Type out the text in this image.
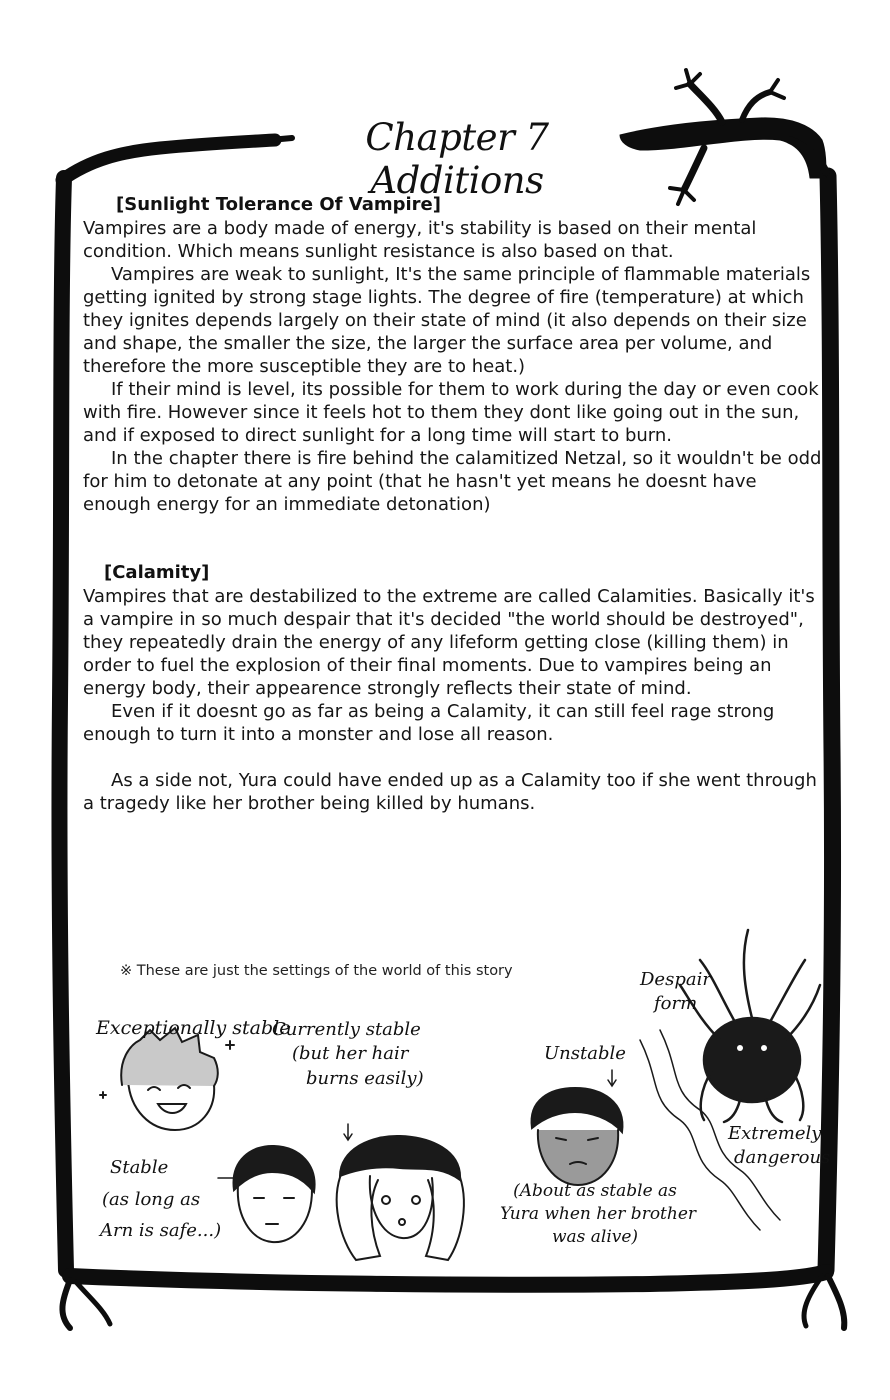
Chapter 7 Additions
[Sunlight Tolerance Of Vampire]

Vampires are a body made of energy, it's stability is based on their mental condition. Which means sunlight resistance is also based on that.

Vampires are weak to sunlight, It's the same principle of flammable materials getting ignited by strong stage lights. The degree of fire (temperature) at which they ignites depends largely on their state of mind (it also depends on their size and shape, the smaller the size, the larger the surface area per volume, and therefore the more susceptible they are to heat.)

If their mind is level, its possible for them to work during the day or even cook with fire. However since it feels hot to them they dont like going out in the sun, and if exposed to direct sunlight for a long time will start to burn.

In the chapter there is fire behind the calamitized Netzal, so it wouldn't be odd for him to detonate at any point (that he hasn't yet means he doesnt have enough energy for an immediate detonation)

[Calamity]

Vampires that are destabilized to the extreme are called Calamities. Basically it's a vampire in so much despair that it's decided "the world should be destroyed", they repeatedly drain the energy of any lifeform getting close (killing them) in order to fuel the explosion of their final moments. Due to vampires being an energy body, their appearence strongly reflects their state of mind.

Even if it doesnt go as far as being a Calamity, it can still feel rage strong enough to turn it into a monster and lose all reason.

As a side not, Yura could have ended up as a Calamity too if she went through a tragedy like her brother being killed by humans.

※ These are just the settings of the world of this story
Exceptionally stable
Currently stable
(but her hair
burns easily)
Stable
(as long as
Arn is safe...)
Unstable
Despair
form
Extremely
dangerous
(About as stable as
Yura when her brother
was alive)
